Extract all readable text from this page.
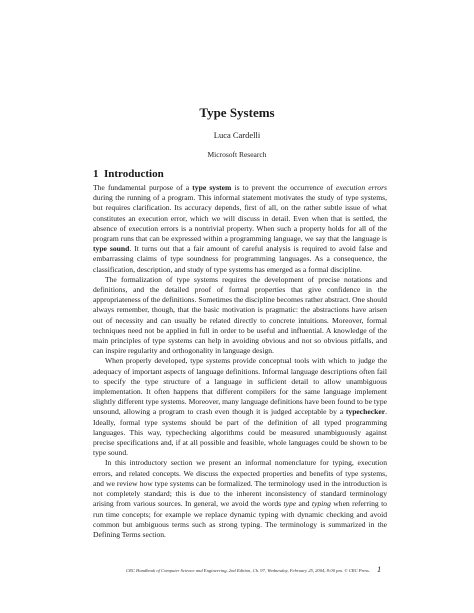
Type Systems
Luca Cardelli
Microsoft Research
1 Introduction

The fundamental purpose of a type system is to prevent the occurrence of execution errors during the running of a program. This informal statement motivates the study of type systems, but requires clarification. Its accuracy depends, first of all, on the rather subtle issue of what constitutes an execution error, which we will discuss in detail. Even when that is settled, the absence of execution errors is a nontrivial property. When such a property holds for all of the program runs that can be expressed within a programming language, we say that the language is type sound. It turns out that a fair amount of careful analysis is required to avoid false and embarrassing claims of type soundness for programming languages. As a consequence, the classification, description, and study of type systems has emerged as a formal discipline.

The formalization of type systems requires the development of precise notations and definitions, and the detailed proof of formal properties that give confidence in the appropriateness of the definitions. Sometimes the discipline becomes rather abstract. One should always remember, though, that the basic motivation is pragmatic: the abstractions have arisen out of necessity and can usually be related directly to concrete intuitions. Moreover, formal techniques need not be applied in full in order to be useful and influential. A knowledge of the main principles of type systems can help in avoiding obvious and not so obvious pitfalls, and can inspire regularity and orthogonality in language design.

When properly developed, type systems provide conceptual tools with which to judge the adequacy of important aspects of language definitions. Informal language descriptions often fail to specify the type structure of a language in sufficient detail to allow unambiguous implementation. It often happens that different compilers for the same language implement slightly different type systems. Moreover, many language definitions have been found to be type unsound, allowing a program to crash even though it is judged acceptable by a typechecker. Ideally, formal type systems should be part of the definition of all typed programming languages. This way, typechecking algorithms could be measured unambiguously against precise specifications and, if at all possible and feasible, whole languages could be shown to be type sound.

In this introductory section we present an informal nomenclature for typing, execution errors, and related concepts. We discuss the expected properties and benefits of type systems, and we review how type systems can be formalized. The terminology used in the introduction is not completely standard; this is due to the inherent inconsistency of standard terminology arising from various sources. In general, we avoid the words type and typing when referring to run time concepts; for example we replace dynamic typing with dynamic checking and avoid common but ambiguous terms such as strong typing. The terminology is summarized in the Defining Terms section.

CRC Handbook of Computer Science and Engineering, 2nd Edition, Ch. 97, Wednesday, February 25, 2004, 8:00 pm. © CRC Press. 1
